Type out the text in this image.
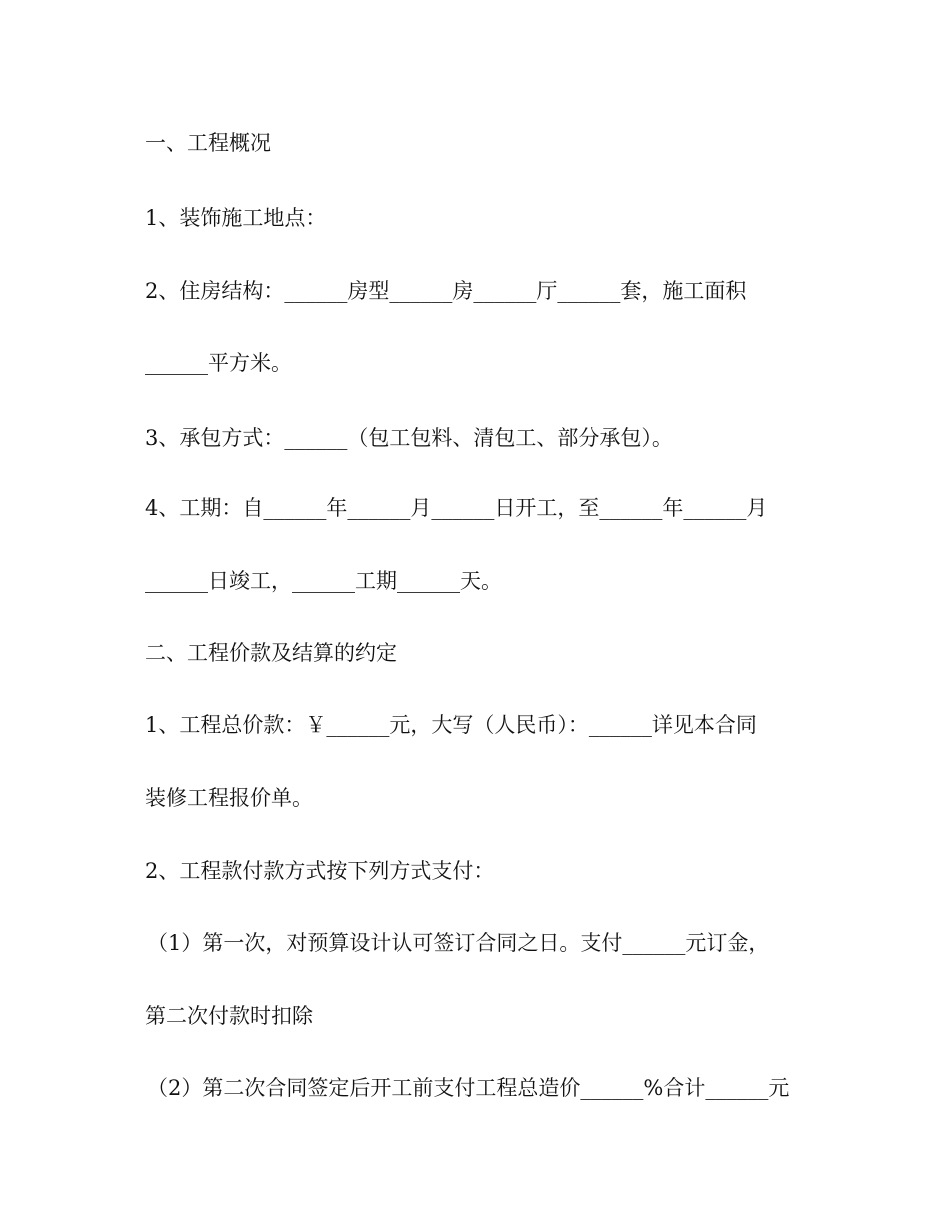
一、工程概况
1、装饰施工地点：
2、住房结构：______房型______房______厅______套，施工面积
______平方米。
3、承包方式：______（包工包料、清包工、部分承包）。
4、工期：自______年______月______日开工，至______年______月
______日竣工，______工期______天。
二、工程价款及结算的约定
1、工程总价款：￥______元，大写（人民币）：______详见本合同
装修工程报价单。
2、工程款付款方式按下列方式支付：
（1）第一次，对预算设计认可签订合同之日。支付______元订金，
第二次付款时扣除
（2）第二次合同签定后开工前支付工程总造价______%合计______元
